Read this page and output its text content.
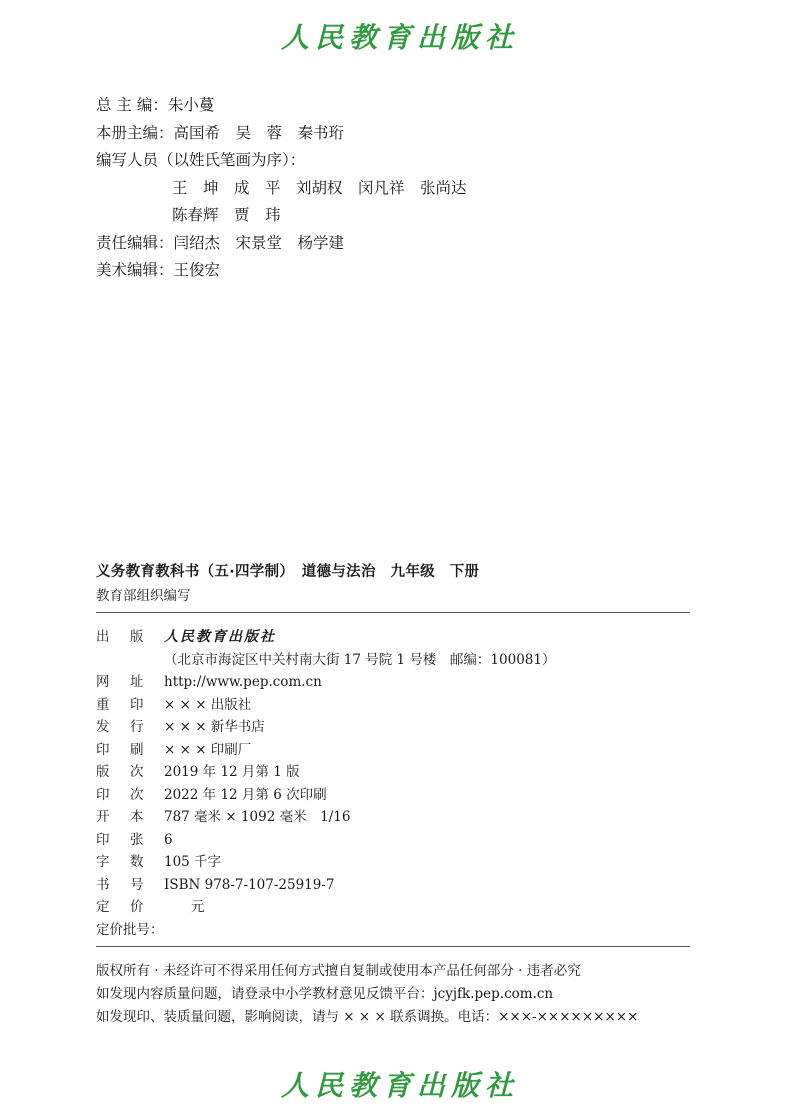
人民教育出版社
总 主 编： 朱小蔓
本册主编： 高国希　吴　蓉　秦书珩
编写人员（以姓氏笔画为序）：
王　坤　成　平　刘胡权　闵凡祥　张尚达
陈春辉　贾　玮
责任编辑： 闫绍杰　宋景堂　杨学建
美术编辑： 王俊宏
义务教育教科书（五·四学制）　道德与法治　九年级　下册
教育部组织编写
出	版	人民教育出版社
（北京市海淀区中关村南大街 17 号院 1 号楼　邮编：100081）
网	址	http://www.pep.com.cn
重	印	× × × 出版社
发	行	× × × 新华书店
印	刷	× × × 印刷厂
版	次	2019 年 12 月第 1 版
印	次	2022 年 12 月第 6 次印刷
开	本	787 毫米 × 1092 毫米　1/16
印	张	6
字	数	105 千字
书	号	ISBN 978-7-107-25919-7
定	价	　　元
定价批号：
版权所有 · 未经许可不得采用任何方式擅自复制或使用本产品任何部分 · 违者必究
如发现内容质量问题，请登录中小学教材意见反馈平台：jcyjfk.pep.com.cn
如发现印、装质量问题，影响阅读，请与 × × × 联系调换。电话：×××-×××××××××
人民教育出版社
